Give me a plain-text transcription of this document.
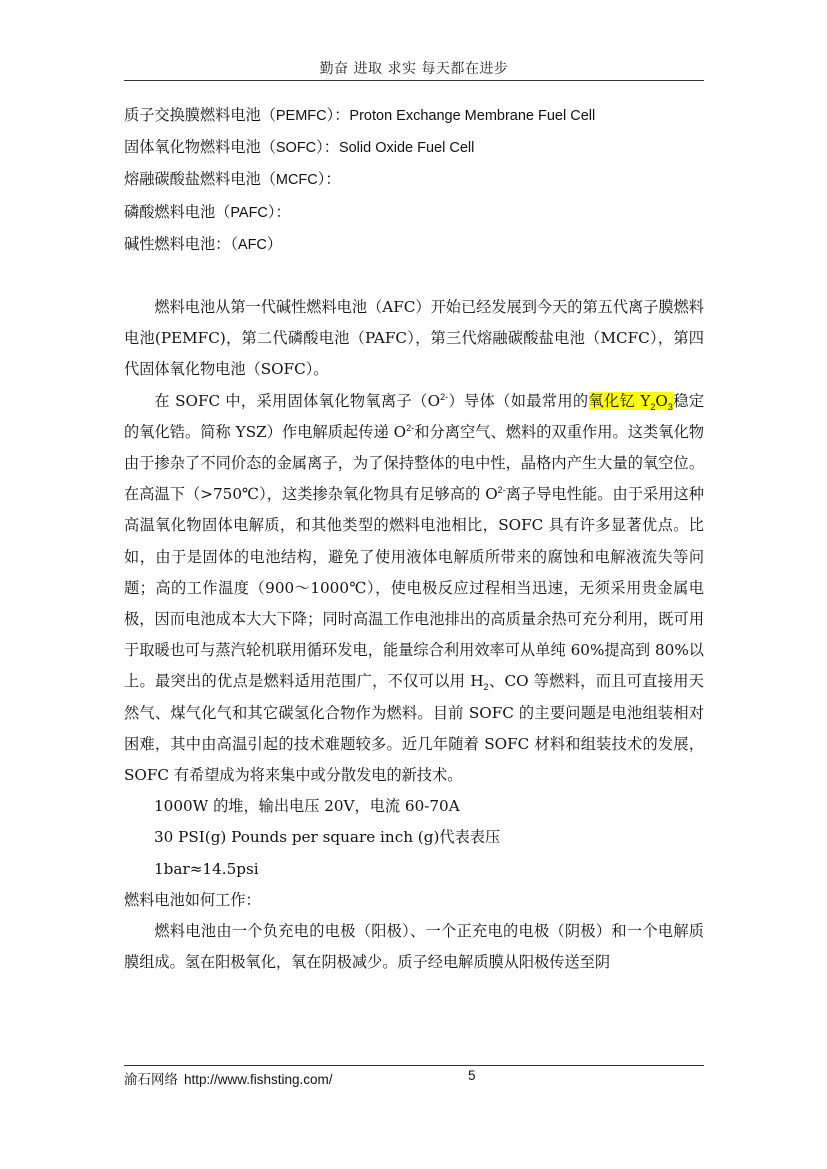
勤奋 进取 求实 每天都在进步

质子交换膜燃料电池（PEMFC）：Proton Exchange Membrane Fuel Cell

固体氧化物燃料电池（SOFC）：Solid Oxide Fuel Cell

熔融碳酸盐燃料电池（MCFC）：

磷酸燃料电池（PAFC）：

碱性燃料电池：（AFC）

燃料电池从第一代碱性燃料电池（AFC）开始已经发展到今天的第五代离子膜燃料电池(PEMFC)，第二代磷酸电池（PAFC），第三代熔融碳酸盐电池（MCFC），第四代固体氧化物电池（SOFC）。

在 SOFC 中，采用固体氧化物氧离子$(O^{2-})$导体（如最常用的氧化钇 $Y_2O_3$稳定的氧化锆。简称 YSZ）作电解质起传递 $O^{2-}$和分离空气、燃料的双重作用。这类氧化物由于掺杂了不同价态的金属离子，为了保持整体的电中性，晶格内产生大量的氧空位。在高温下（>750℃），这类掺杂氧化物具有足够高的 $O^{2-}$离子导电性能。由于采用这种高温氧化物固体电解质，和其他类型的燃料电池相比，SOFC 具有许多显著优点。比如，由于是固体的电池结构，避免了使用液体电解质所带来的腐蚀和电解液流失等问题；高的工作温度（900～1000℃），使电极反应过程相当迅速，无须采用贵金属电极，因而电池成本大大下降；同时高温工作电池排出的高质量余热可充分利用，既可用于取暖也可与蒸汽轮机联用循环发电，能量综合利用效率可从单纯 60%提高到 80%以上。最突出的优点是燃料适用范围广，不仅可以用 $H_2$、CO 等燃料，而且可直接用天然气、煤气化气和其它碳氢化合物作为燃料。目前 SOFC 的主要问题是电池组装相对困难，其中由高温引起的技术难题较多。近几年随着 SOFC 材料和组装技术的发展，SOFC 有希望成为将来集中或分散发电的新技术。

1000W 的堆，输出电压 20V，电流 60-70A

30 PSI(g) Pounds per square inch (g)代表表压

1bar≈14.5psi

燃料电池如何工作：

燃料电池由一个负充电的电极（阳极）、一个正充电的电极（阴极）和一个电解质膜组成。氢在阳极氧化，氧在阴极减少。质子经电解质膜从阳极传送至阴

渝石网络 http://www.fishsting.com/	5
